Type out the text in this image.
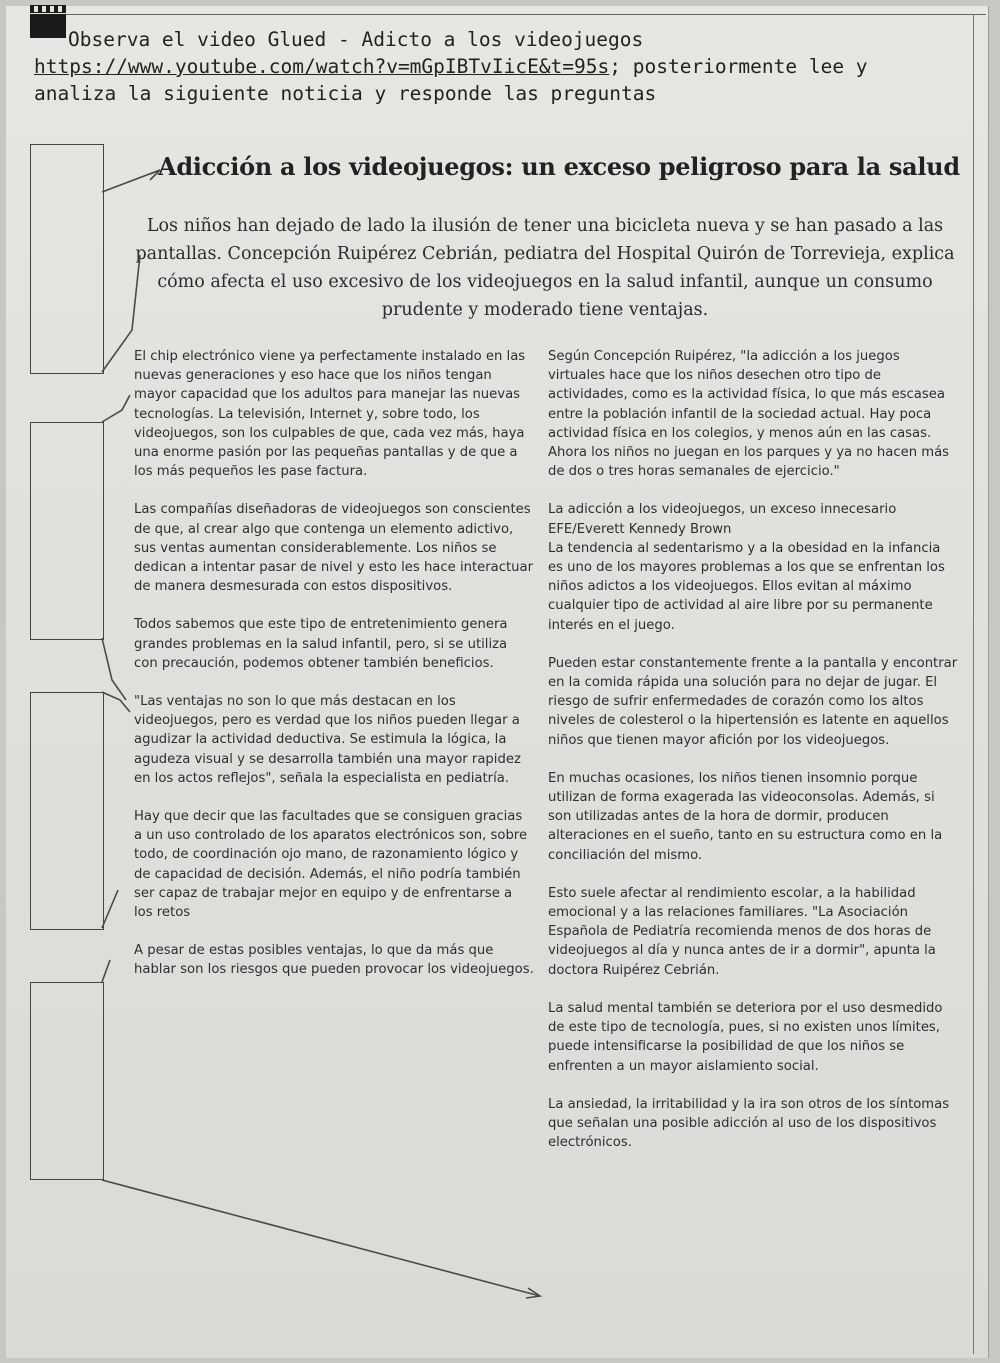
Observa el video Glued - Adicto a los videojuegos
https://www.youtube.com/watch?v=mGpIBTvIicE&t=95s; posteriormente lee y
analiza la siguiente noticia y responde las preguntas
Adicción a los videojuegos: un exceso peligroso para la salud
Los niños han dejado de lado la ilusión de tener una bicicleta nueva y se han pasado a las pantallas. Concepción Ruipérez Cebrián, pediatra del Hospital Quirón de Torrevieja, explica cómo afecta el uso excesivo de los videojuegos en la salud infantil, aunque un consumo prudente y moderado tiene ventajas.

El chip electrónico viene ya perfectamente instalado en las nuevas generaciones y eso hace que los niños tengan mayor capacidad que los adultos para manejar las nuevas tecnologías. La televisión, Internet y, sobre todo, los videojuegos, son los culpables de que, cada vez más, haya una enorme pasión por las pequeñas pantallas y de que a los más pequeños les pase factura.

Las compañías diseñadoras de videojuegos son conscientes de que, al crear algo que contenga un elemento adictivo, sus ventas aumentan considerablemente. Los niños se dedican a intentar pasar de nivel y esto les hace interactuar de manera desmesurada con estos dispositivos.

Todos sabemos que este tipo de entretenimiento genera grandes problemas en la salud infantil, pero, si se utiliza con precaución, podemos obtener también beneficios.

"Las ventajas no son lo que más destacan en los videojuegos, pero es verdad que los niños pueden llegar a agudizar la actividad deductiva. Se estimula la lógica, la agudeza visual y se desarrolla también una mayor rapidez en los actos reflejos", señala la especialista en pediatría.

Hay que decir que las facultades que se consiguen gracias a un uso controlado de los aparatos electrónicos son, sobre todo, de coordinación ojo mano, de razonamiento lógico y de capacidad de decisión. Además, el niño podría también ser capaz de trabajar mejor en equipo y de enfrentarse a los retos

A pesar de estas posibles ventajas, lo que da más que hablar son los riesgos que pueden provocar los videojuegos.

Según Concepción Ruipérez, "la adicción a los juegos virtuales hace que los niños desechen otro tipo de actividades, como es la actividad física, lo que más escasea entre la población infantil de la sociedad actual. Hay poca actividad física en los colegios, y menos aún en las casas. Ahora los niños no juegan en los parques y ya no hacen más de dos o tres horas semanales de ejercicio."

La adicción a los videojuegos, un exceso innecesario
EFE/Everett Kennedy Brown

La tendencia al sedentarismo y a la obesidad en la infancia es uno de los mayores problemas a los que se enfrentan los niños adictos a los videojuegos. Ellos evitan al máximo cualquier tipo de actividad al aire libre por su permanente interés en el juego.

Pueden estar constantemente frente a la pantalla y encontrar en la comida rápida una solución para no dejar de jugar. El riesgo de sufrir enfermedades de corazón como los altos niveles de colesterol o la hipertensión es latente en aquellos niños que tienen mayor afición por los videojuegos.

En muchas ocasiones, los niños tienen insomnio porque utilizan de forma exagerada las videoconsolas. Además, si son utilizadas antes de la hora de dormir, producen alteraciones en el sueño, tanto en su estructura como en la conciliación del mismo.

Esto suele afectar al rendimiento escolar, a la habilidad emocional y a las relaciones familiares. "La Asociación Española de Pediatría recomienda menos de dos horas de videojuegos al día y nunca antes de ir a dormir", apunta la doctora Ruipérez Cebrián.

La salud mental también se deteriora por el uso desmedido de este tipo de tecnología, pues, si no existen unos límites, puede intensificarse la posibilidad de que los niños se enfrenten a un mayor aislamiento social.

La ansiedad, la irritabilidad y la ira son otros de los síntomas que señalan una posible adicción al uso de los dispositivos electrónicos.
